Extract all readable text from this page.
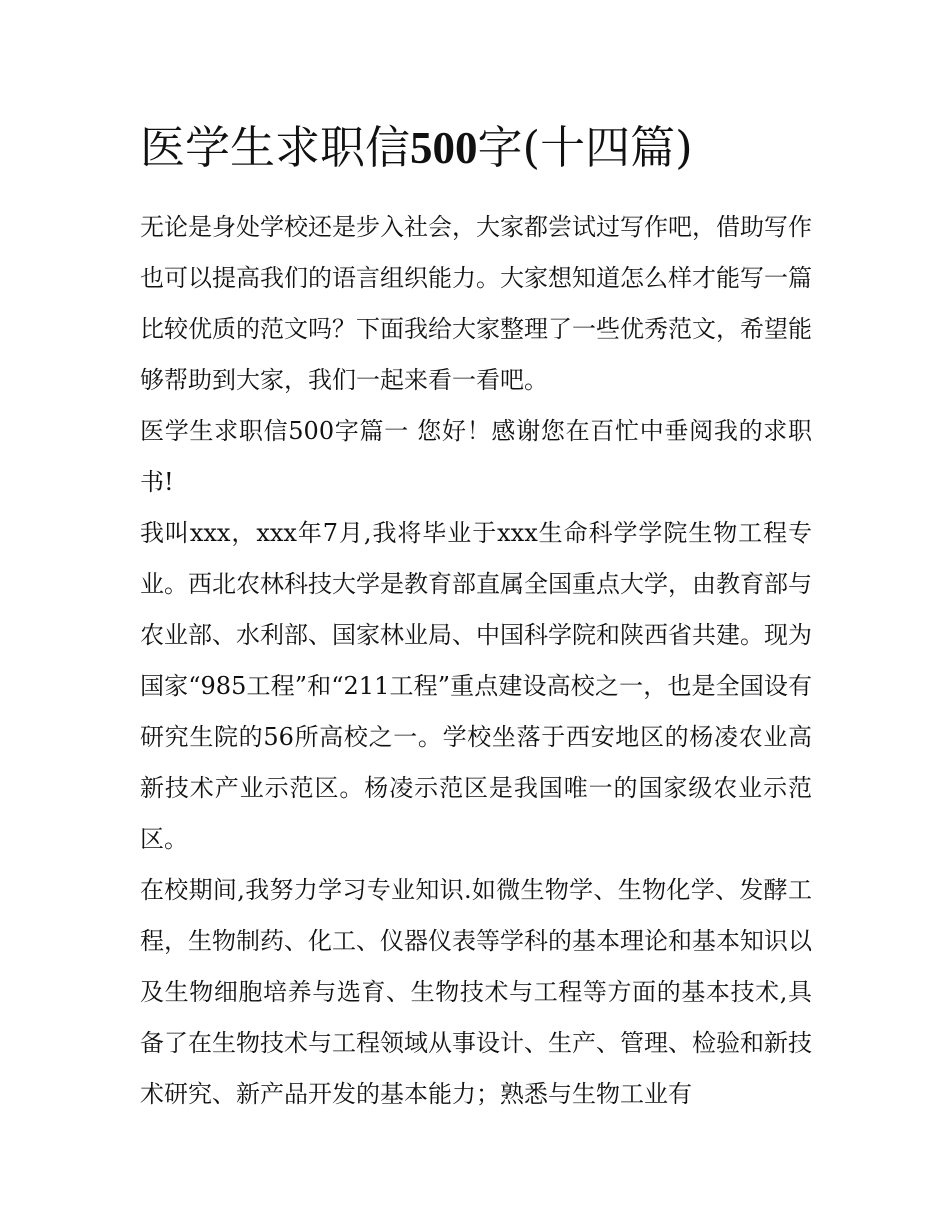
医学生求职信500字(十四篇)

无论是身处学校还是步入社会，大家都尝试过写作吧，借助写作也可以提高我们的语言组织能力。大家想知道怎么样才能写一篇比较优质的范文吗？下面我给大家整理了一些优秀范文，希望能够帮助到大家，我们一起来看一看吧。

医学生求职信500字篇一 您好！感谢您在百忙中垂阅我的求职书!

我叫xxx，xxx年7月,我将毕业于xxx生命科学学院生物工程专业。西北农林科技大学是教育部直属全国重点大学，由教育部与农业部、水利部、国家林业局、中国科学院和陕西省共建。现为国家“985工程”和“211工程”重点建设高校之一，也是全国设有研究生院的56所高校之一。学校坐落于西安地区的杨凌农业高新技术产业示范区。杨凌示范区是我国唯一的国家级农业示范区。

在校期间,我努力学习专业知识.如微生物学、生物化学、发酵工程，生物制药、化工、仪器仪表等学科的基本理论和基本知识以及生物细胞培养与选育、生物技术与工程等方面的基本技术,具备了在生物技术与工程领域从事设计、生产、管理、检验和新技术研究、新产品开发的基本能力；熟悉与生物工业有
